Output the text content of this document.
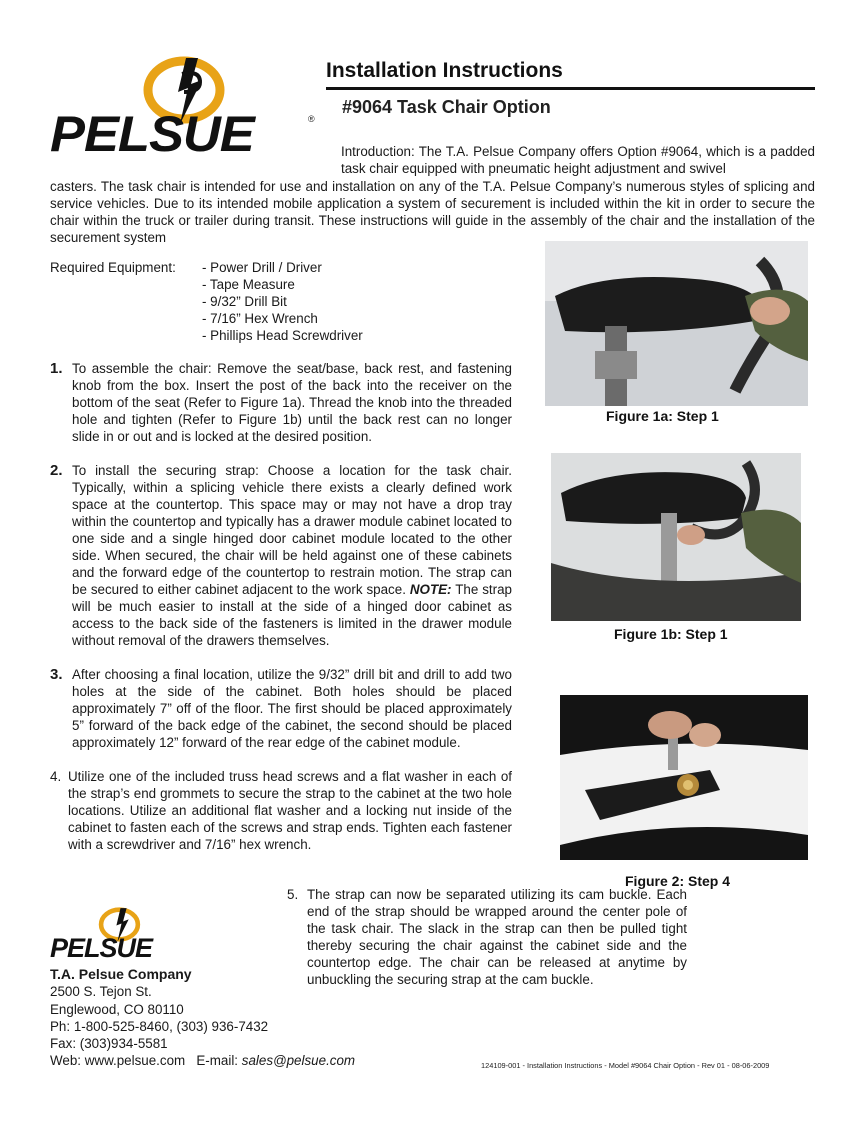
PELSUE	®
Installation Instructions
#9064 Task Chair Option

Introduction: The T.A. Pelsue Company offers Option #9064, which is a padded task chair equipped with pneumatic height adjustment and swivel

casters. The task chair is intended for use and installation on any of the T.A. Pelsue Company’s numerous styles of splicing and service vehicles. Due to its intended mobile application a system of securement is included within the kit in order to secure the chair within the truck or trailer during transit. These instructions will guide in the assembly of the chair and the installation of the securement system

Required Equipment: - Power Drill / Driver
- Tape Measure
- 9/32” Drill Bit
- 7/16” Hex Wrench
- Phillips Head Screwdriver
1. To assemble the chair: Remove the seat/base, back rest, and fastening knob from the box. Insert the post of the back into the receiver on the bottom of the seat (Refer to Figure 1a). Thread the knob into the threaded hole and tighten (Refer to Figure 1b) until the back rest can no longer slide in or out and is locked at the desired position.

2. To install the securing strap: Choose a location for the task chair. Typically, within a splicing vehicle there exists a clearly defined work space at the countertop. This space may or may not have a drop tray within the countertop and typically has a drawer module cabinet located to one side and a single hinged door cabinet module located to the other side. When secured, the chair will be held against one of these cabinets and the forward edge of the countertop to restrain motion. The strap can be secured to either cabinet adjacent to the work space. NOTE: The strap will be much easier to install at the side of a hinged door cabinet as access to the back side of the fasteners is limited in the drawer module without removal of the drawers themselves.

3. After choosing a final location, utilize the 9/32” drill bit and drill to add two holes at the side of the cabinet. Both holes should be placed approximately 7” off of the floor. The first should be placed approximately 5” forward of the back edge of the cabinet, the second should be placed approximately 12” forward of the rear edge of the cabinet module.

4. Utilize one of the included truss head screws and a flat washer in each of the strap’s end grommets to secure the strap to the cabinet at the two hole locations. Utilize an additional flat washer and a locking nut inside of the cabinet to fasten each of the screws and strap ends. Tighten each fastener with a screwdriver and 7/16” hex wrench.

5. The strap can now be separated utilizing its cam buckle. Each end of the strap should be wrapped around the center pole of the task chair. The slack in the strap can then be pulled tight thereby securing the chair against the cabinet side and the countertop edge. The chair can be released at anytime by unbuckling the securing strap at the cam buckle.

Figure 1a: Step 1
Figure 1b: Step 1
Figure 2: Step 4
PELSUE
T.A. Pelsue Company
2500 S. Tejon St.
Englewood, CO 80110
Ph: 1-800-525-8460, (303) 936-7432
Fax: (303)934-5581
Web: www.pelsue.com   E-mail: sales@pelsue.com	124109-001 - Installation Instructions - Model #9064 Chair Option - Rev 01 - 08-06-2009
